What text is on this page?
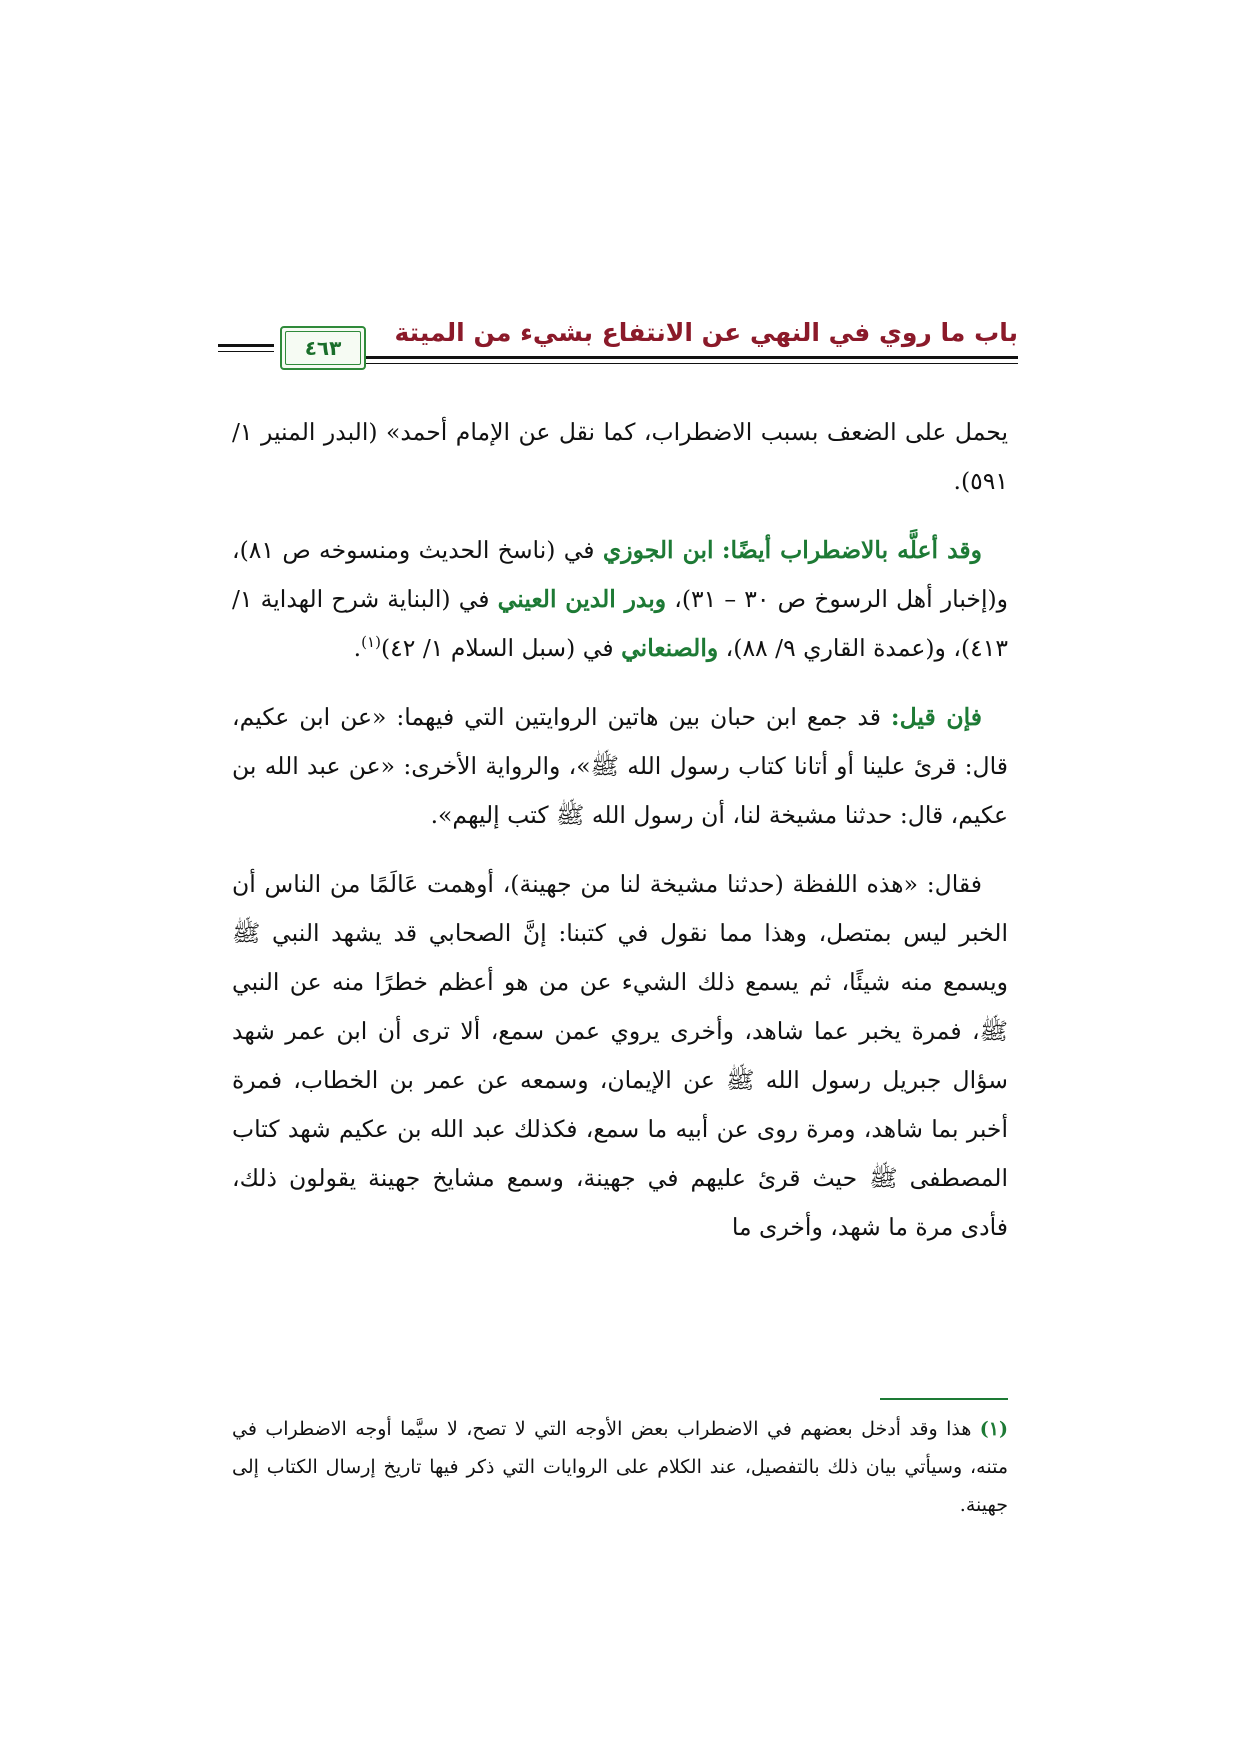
باب ما روي في النهي عن الانتفاع بشيء من الميتة
٤٦٣

يحمل على الضعف بسبب الاضطراب، كما نقل عن الإمام أحمد» (البدر المنير ١/ ٥٩١).

وقد أعلَّه بالاضطراب أيضًا: ابن الجوزي في (ناسخ الحديث ومنسوخه ص ٨١)، و(إخبار أهل الرسوخ ص ٣٠ – ٣١)، وبدر الدين العيني في (البناية شرح الهداية ١/ ٤١٣)، و(عمدة القاري ٩/ ٨٨)، والصنعاني في (سبل السلام ١/ ٤٢)$^{(١)}$.

فإن قيل: قد جمع ابن حبان بين هاتين الروايتين التي فيهما: «عن ابن عكيم، قال: قرئ علينا أو أتانا كتاب رسول الله ﷺ»، والرواية الأخرى: «عن عبد الله بن عكيم، قال: حدثنا مشيخة لنا، أن رسول الله ﷺ كتب إليهم».

فقال: «هذه اللفظة (حدثنا مشيخة لنا من جهينة)، أوهمت عَالَمًا من الناس أن الخبر ليس بمتصل، وهذا مما نقول في كتبنا: إنَّ الصحابي قد يشهد النبي ﷺ ويسمع منه شيئًا، ثم يسمع ذلك الشيء عن من هو أعظم خطرًا منه عن النبي ﷺ، فمرة يخبر عما شاهد، وأخرى يروي عمن سمع، ألا ترى أن ابن عمر شهد سؤال جبريل رسول الله ﷺ عن الإيمان، وسمعه عن عمر بن الخطاب، فمرة أخبر بما شاهد، ومرة روى عن أبيه ما سمع، فكذلك عبد الله بن عكيم شهد كتاب المصطفى ﷺ حيث قرئ عليهم في جهينة، وسمع مشايخ جهينة يقولون ذلك، فأدى مرة ما شهد، وأخرى ما

(١) هذا وقد أدخل بعضهم في الاضطراب بعض الأوجه التي لا تصح، لا سيَّما أوجه الاضطراب في متنه، وسيأتي بيان ذلك بالتفصيل، عند الكلام على الروايات التي ذكر فيها تاريخ إرسال الكتاب إلى جهينة.
